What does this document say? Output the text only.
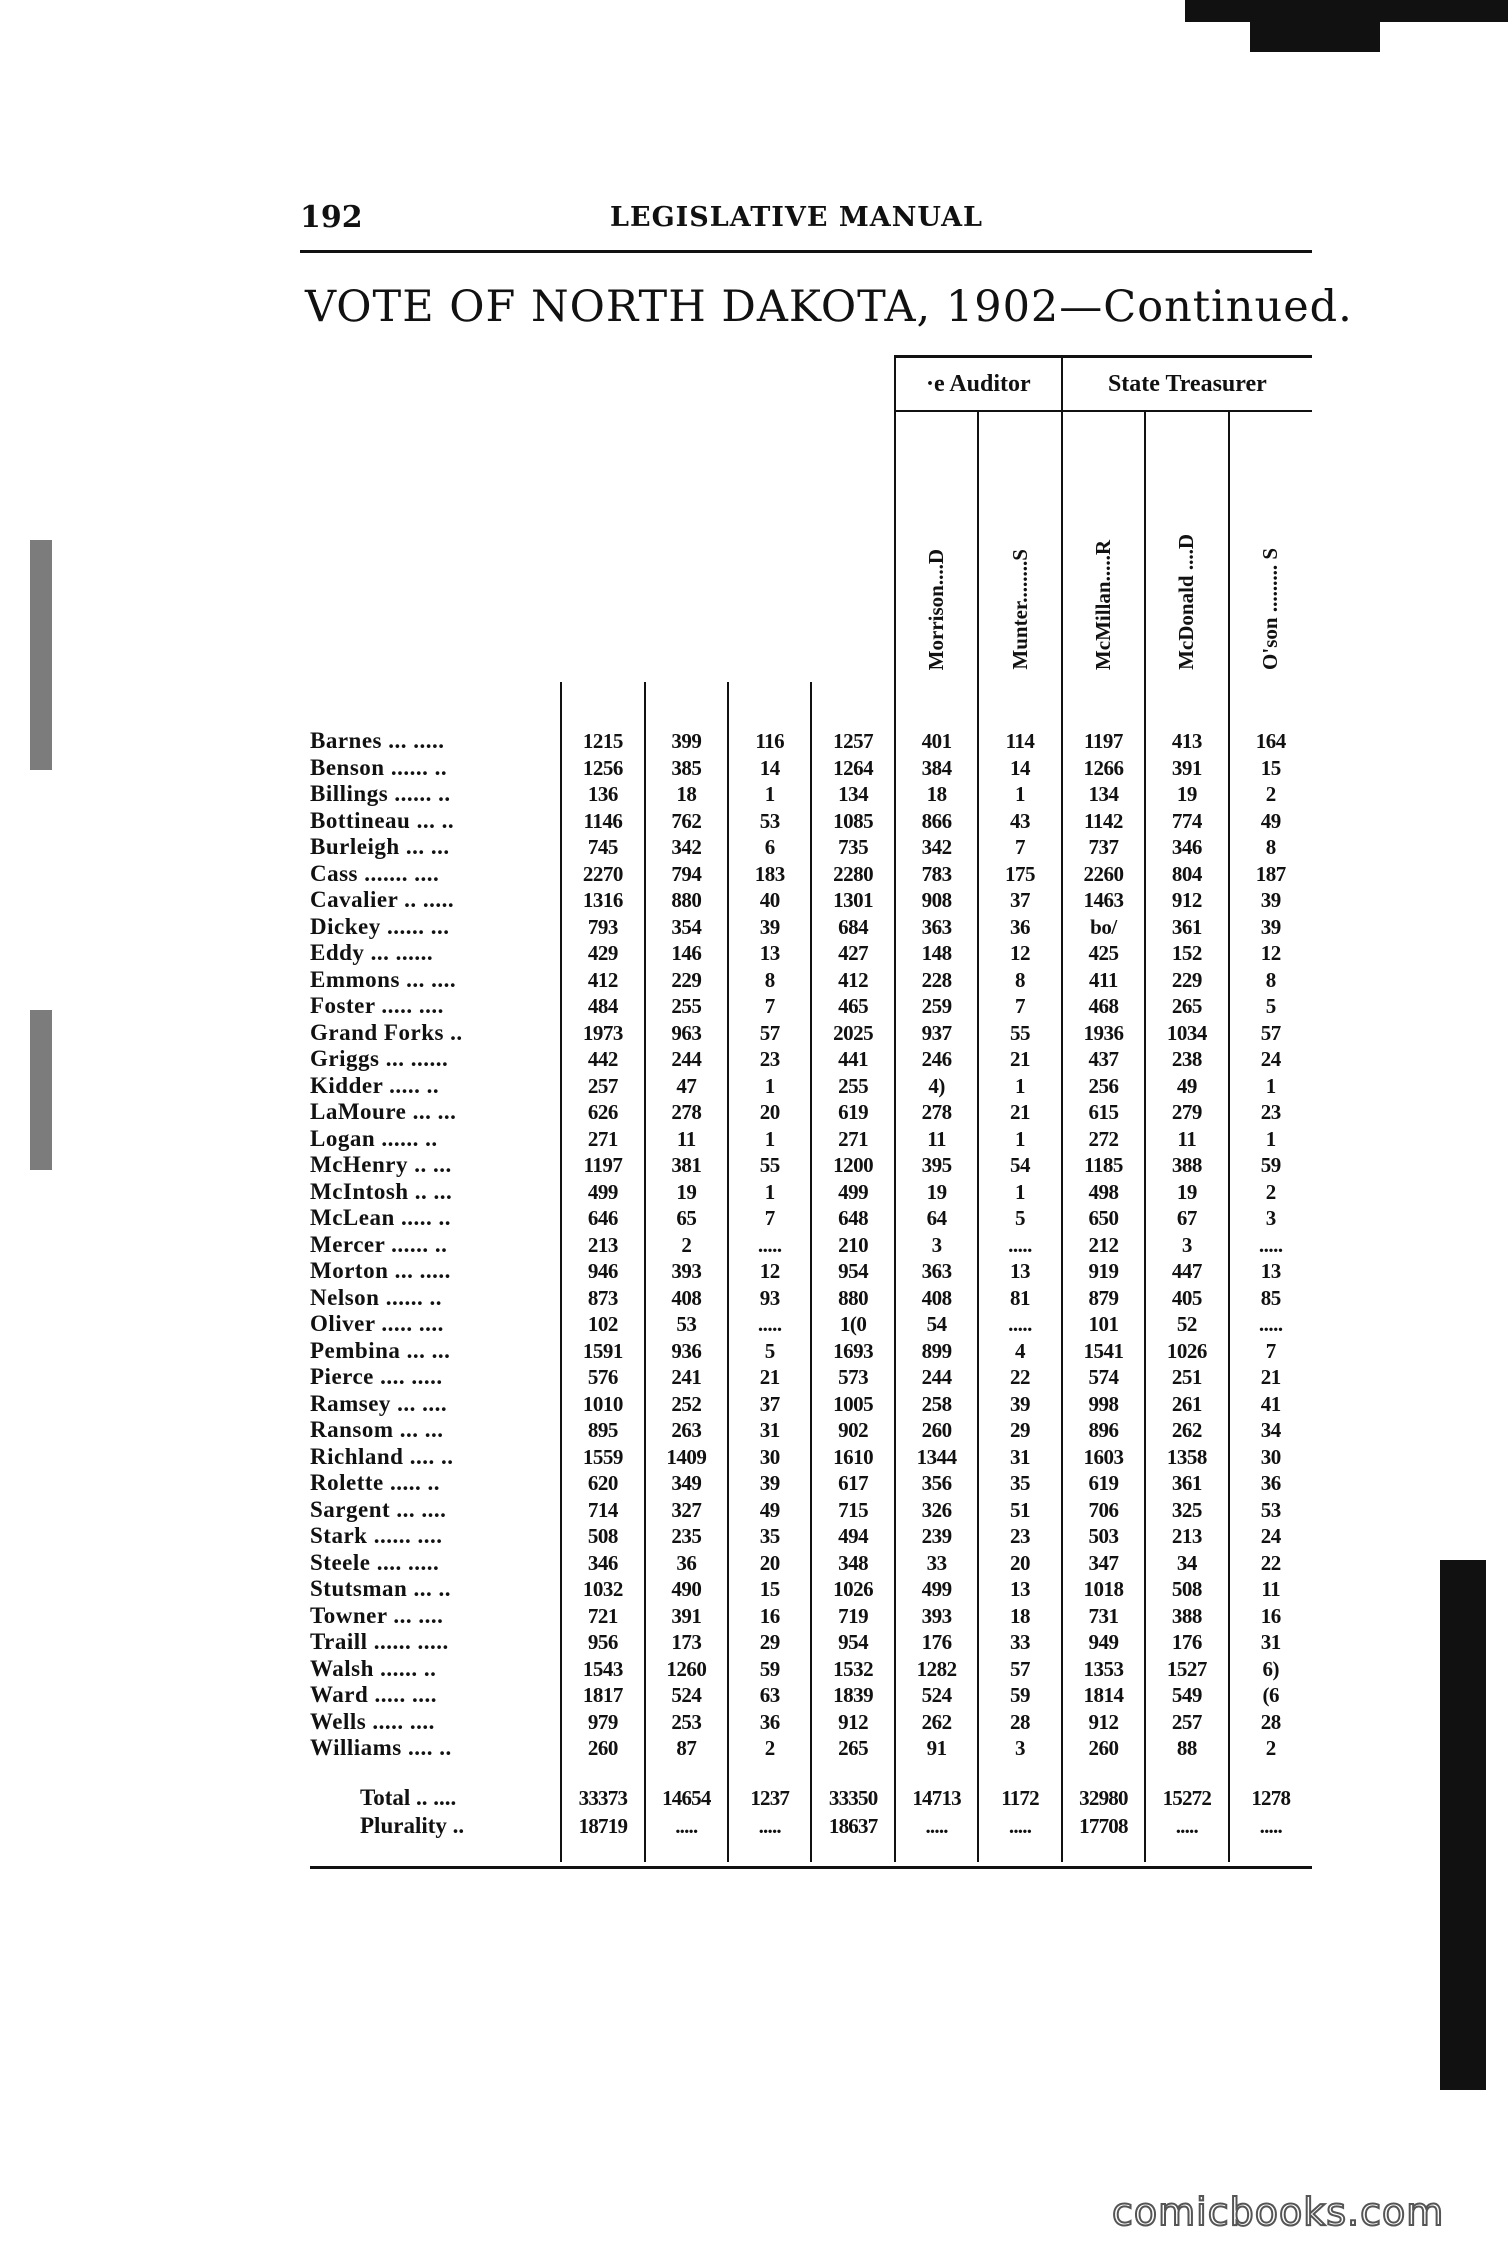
192	LEGISLATIVE MANUAL
VOTE OF NORTH DAKOTA, 1902—Continued.
					·e Auditor		State Treasurer		

					Morrison....D	Munter........S	McMillan.....R	McDonald ....D	O'son ......... S

Barnes ... .....	1215	399	116	1257	401	114	1197	413	164
Benson ...... ..	1256	385	14	1264	384	14	1266	391	15
Billings ...... ..	136	18	1	134	18	1	134	19	2
Bottineau ... ..	1146	762	53	1085	866	43	1142	774	49
Burleigh ... ...	745	342	6	735	342	7	737	346	8
Cass ....... ....	2270	794	183	2280	783	175	2260	804	187
Cavalier .. .....	1316	880	40	1301	908	37	1463	912	39
Dickey ...... ...	793	354	39	684	363	36	bo/	361	39
Eddy ... ......	429	146	13	427	148	12	425	152	12
Emmons ... ....	412	229	8	412	228	8	411	229	8
Foster ..... ....	484	255	7	465	259	7	468	265	5
Grand Forks ..	1973	963	57	2025	937	55	1936	1034	57
Griggs ... ......	442	244	23	441	246	21	437	238	24
Kidder ..... ..	257	47	1	255	4)	1	256	49	1
LaMoure ... ...	626	278	20	619	278	21	615	279	23
Logan ...... ..	271	11	1	271	11	1	272	11	1
McHenry .. ...	1197	381	55	1200	395	54	1185	388	59
McIntosh .. ...	499	19	1	499	19	1	498	19	2
McLean ..... ..	646	65	7	648	64	5	650	67	3
Mercer ...... ..	213	2	.....	210	3	.....	212	3	.....
Morton ... .....	946	393	12	954	363	13	919	447	13
Nelson ...... ..	873	408	93	880	408	81	879	405	85
Oliver ..... ....	102	53	.....	1(0	54	.....	101	52	.....
Pembina ... ...	1591	936	5	1693	899	4	1541	1026	7
Pierce .... .....	576	241	21	573	244	22	574	251	21
Ramsey ... ....	1010	252	37	1005	258	39	998	261	41
Ransom ... ...	895	263	31	902	260	29	896	262	34
Richland .... ..	1559	1409	30	1610	1344	31	1603	1358	30
Rolette ..... ..	620	349	39	617	356	35	619	361	36
Sargent ... ....	714	327	49	715	326	51	706	325	53
Stark ...... ....	508	235	35	494	239	23	503	213	24
Steele .... .....	346	36	20	348	33	20	347	34	22
Stutsman ... ..	1032	490	15	1026	499	13	1018	508	11
Towner ... ....	721	391	16	719	393	18	731	388	16
Traill ...... .....	956	173	29	954	176	33	949	176	31
Walsh ...... ..	1543	1260	59	1532	1282	57	1353	1527	6)
Ward ..... ....	1817	524	63	1839	524	59	1814	549	(6
Wells ..... ....	979	253	36	912	262	28	912	257	28
Williams .... ..	260	87	2	265	91	3	260	88	2

Total .. ....	33373	14654	1237	33350	14713	1172	32980	15272	1278
Plurality ..	18719	.....	.....	18637	.....	.....	17708	.....	.....

comicbooks.com
